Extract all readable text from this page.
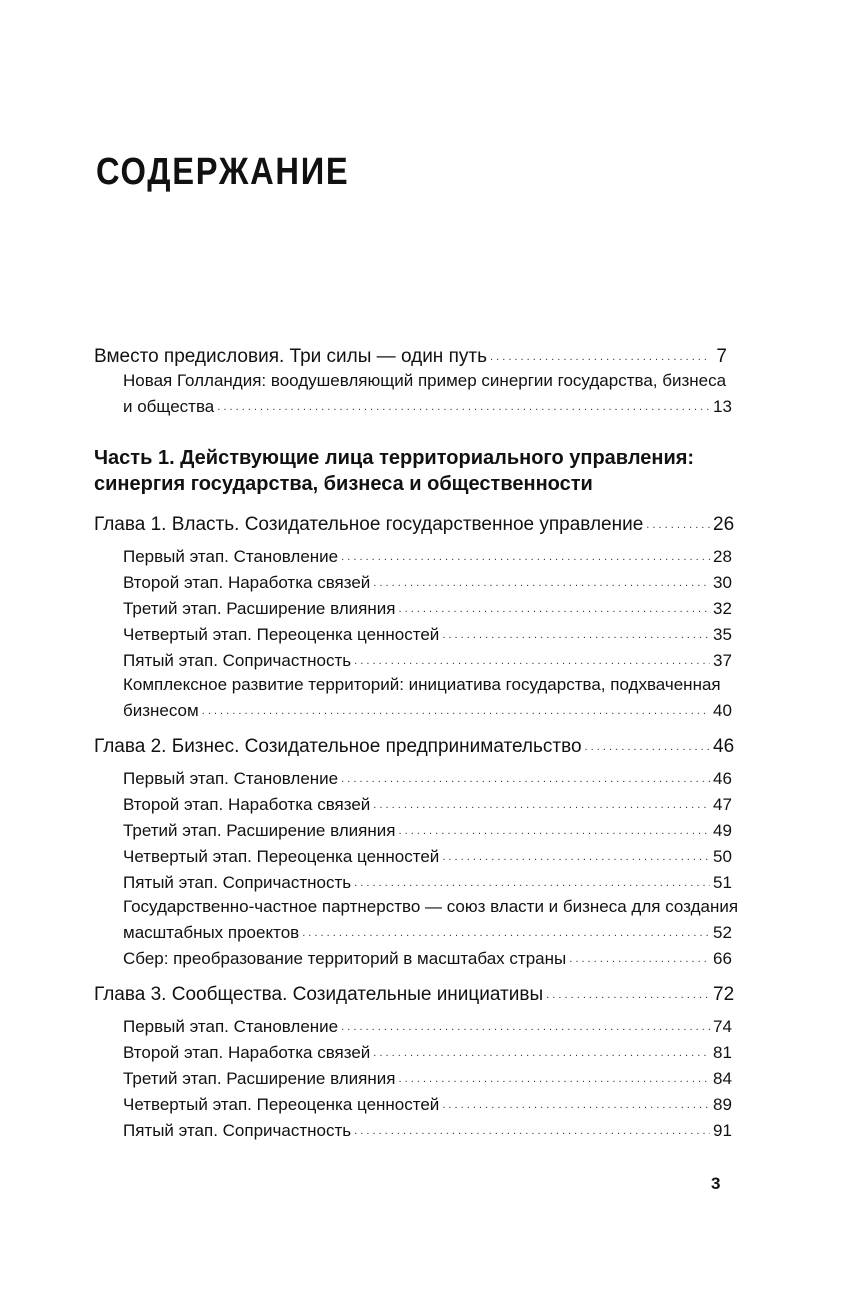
СОДЕРЖАНИЕ
Вместо предисловия. Три силы — один путь . . .	7
Новая Голландия: воодушевляющий пример синергии государства, бизнеса
и общества . . .	13
Часть 1. Действующие лица территориального управления:
синергия государства, бизнеса и общественности
Глава 1. Власть. Созидательное государственное управление . . .	26
Первый этап. Становление . . .	28
Второй этап. Наработка связей . . .	30
Третий этап. Расширение влияния . . .	32
Четвертый этап. Переоценка ценностей . . .	35
Пятый этап. Сопричастность . . .	37
Комплексное развитие территорий: инициатива государства, подхваченная
бизнесом . . .	40
Глава 2. Бизнес. Созидательное предпринимательство . . .	46
Первый этап. Становление . . .	46
Второй этап. Наработка связей . . .	47
Третий этап. Расширение влияния . . .	49
Четвертый этап. Переоценка ценностей . . .	50
Пятый этап. Сопричастность . . .	51
Государственно-частное партнерство — союз власти и бизнеса для создания
масштабных проектов . . .	52
Сбер: преобразование территорий в масштабах страны . . .	66
Глава 3. Сообщества. Созидательные инициативы . . .	72
Первый этап. Становление . . .	74
Второй этап. Наработка связей . . .	81
Третий этап. Расширение влияния . . .	84
Четвертый этап. Переоценка ценностей . . .	89
Пятый этап. Сопричастность . . .	91
3
